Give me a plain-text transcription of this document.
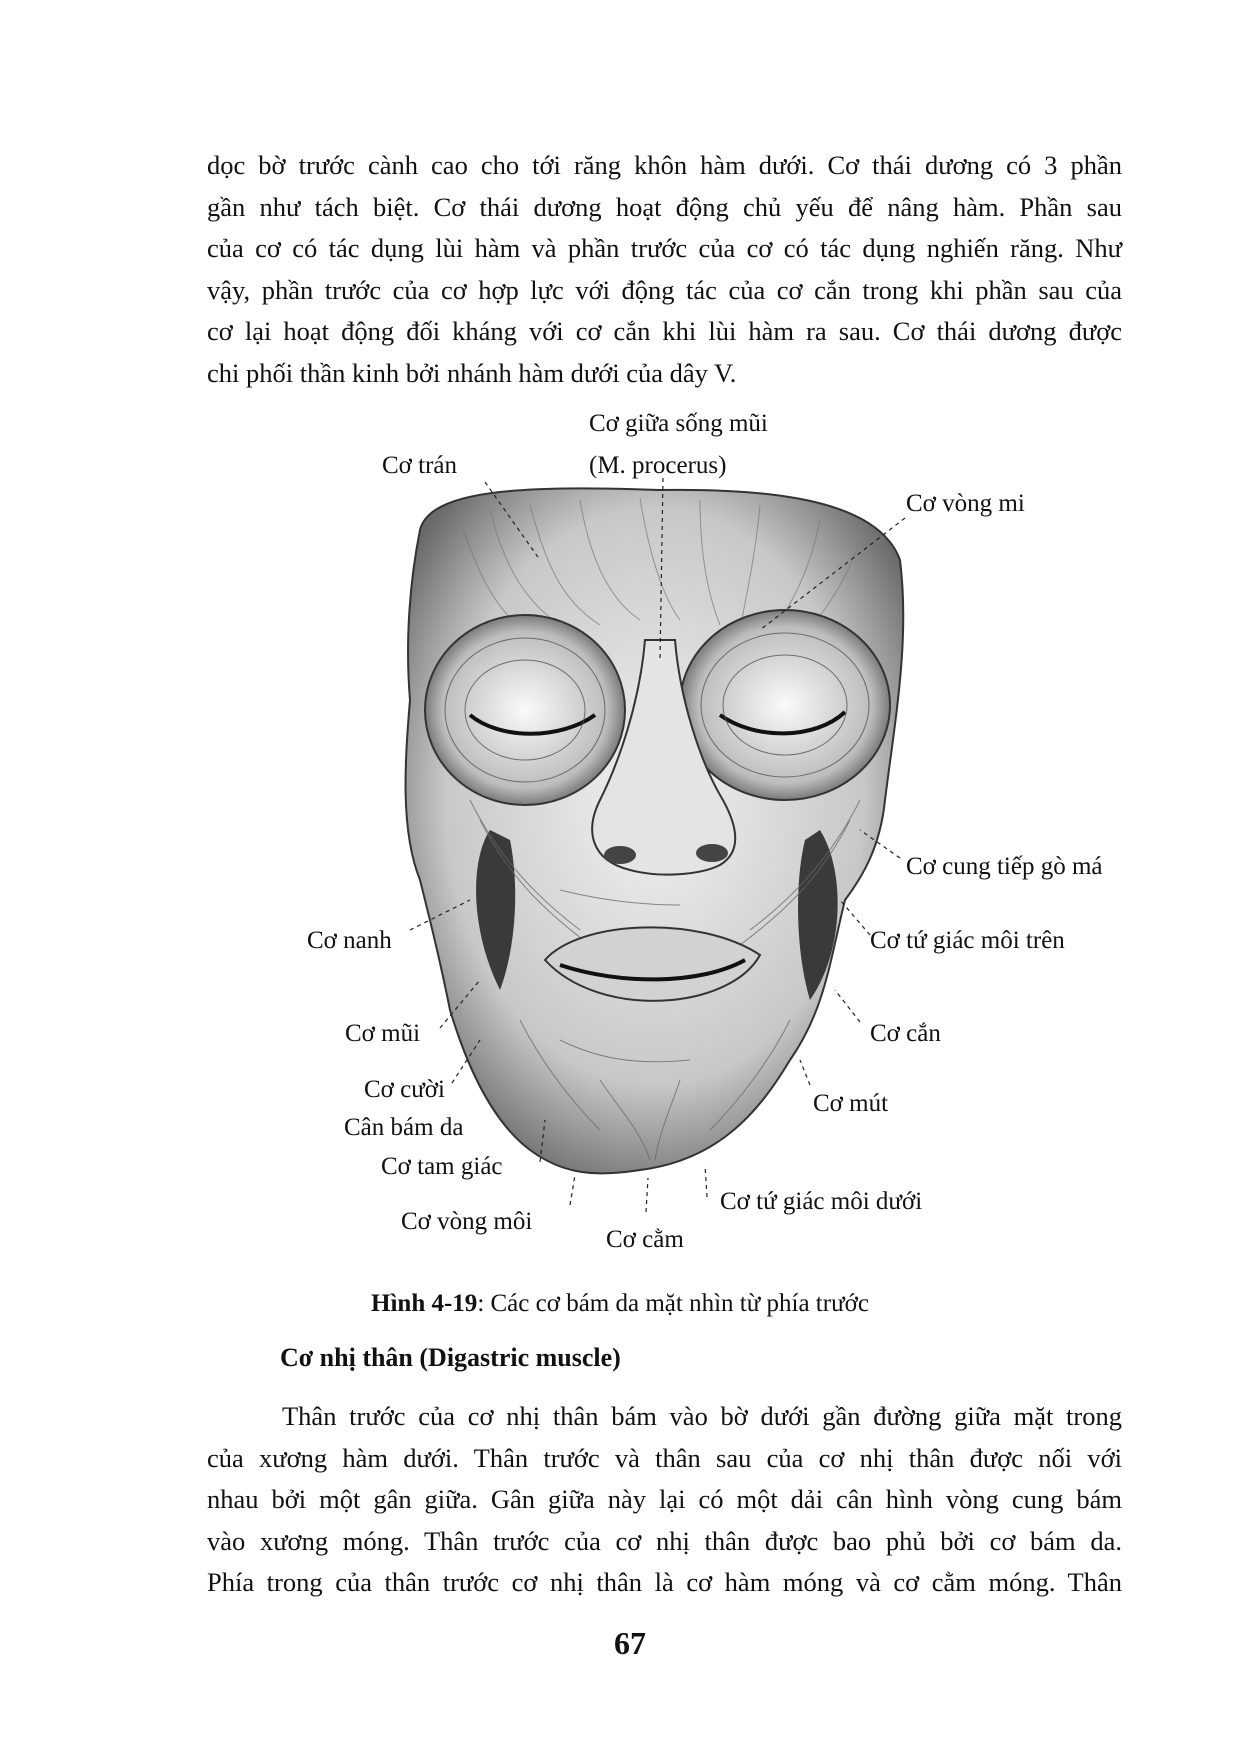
dọc bờ trước cành cao cho tới răng khôn hàm dưới. Cơ thái dương có 3 phần
gần như tách biệt. Cơ thái dương hoạt động chủ yếu để nâng hàm. Phần sau
của cơ có tác dụng lùi hàm và phần trước của cơ có tác dụng nghiến răng. Như
vậy, phần trước của cơ hợp lực với động tác của cơ cắn trong khi phần sau của
cơ lại hoạt động đối kháng với cơ cắn khi lùi hàm ra sau. Cơ thái dương được
chi phối thần kinh bởi nhánh hàm dưới của dây V.
Cơ giữa sống mũi
(M. procerus)
Cơ trán
Cơ vòng mi
Cơ cung tiếp gò má
Cơ tứ giác môi trên
Cơ nanh
Cơ mũi	Cơ cắn
Cơ cười
Cân bám da
Cơ mút
Cơ tam giác
Cơ tứ giác môi dưới
Cơ vòng môi
Cơ cằm
Hình 4-19: Các cơ bám da mặt nhìn từ phía trước
Cơ nhị thân (Digastric muscle)
Thân trước của cơ nhị thân bám vào bờ dưới gần đường giữa mặt trong
của xương hàm dưới. Thân trước và thân sau của cơ nhị thân được nối với
nhau bởi một gân giữa. Gân giữa này lại có một dải cân hình vòng cung bám
vào xương móng. Thân trước của cơ nhị thân được bao phủ bởi cơ bám da.
Phía trong của thân trước cơ nhị thân là cơ hàm móng và cơ cằm móng. Thân
67
